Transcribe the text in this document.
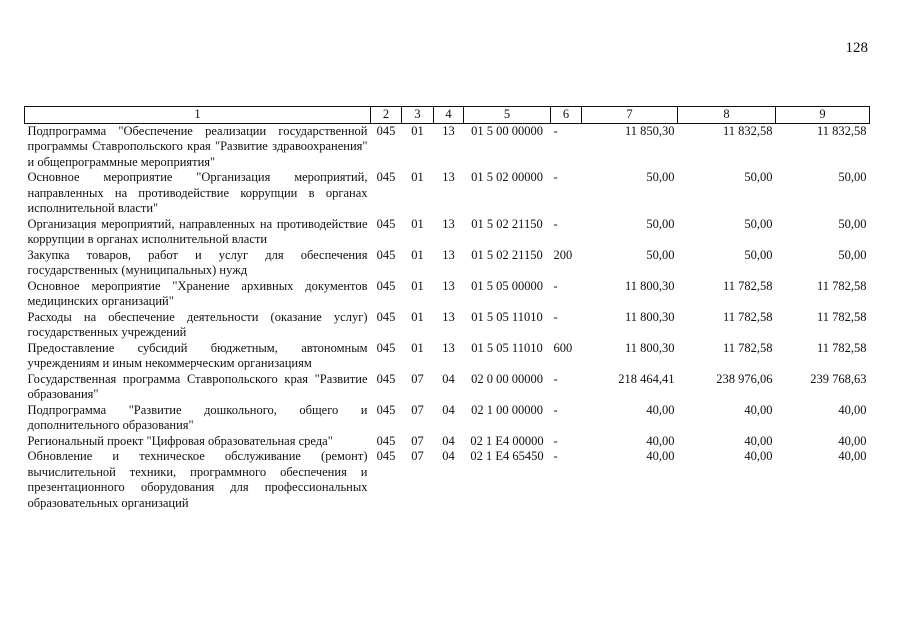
128
1	2	3	4	5	6	7	8	9
Подпрограмма "Обеспечение реализации государственной программы Ставропольского края "Развитие здравоохранения" и общепрограммные мероприятия"	045	01	13	01 5 00 00000	-	11 850,30	11 832,58	11 832,58
Основное мероприятие "Организация мероприятий, направленных на противодействие коррупции в органах исполнительной власти"	045	01	13	01 5 02 00000	-	50,00	50,00	50,00
Организация мероприятий, направленных на противодействие коррупции в органах исполнительной власти	045	01	13	01 5 02 21150	-	50,00	50,00	50,00
Закупка товаров, работ и услуг для обеспечения государственных (муниципальных) нужд	045	01	13	01 5 02 21150	200	50,00	50,00	50,00
Основное мероприятие "Хранение архивных документов медицинских организаций"	045	01	13	01 5 05 00000	-	11 800,30	11 782,58	11 782,58
Расходы на обеспечение деятельности (оказание услуг) государственных учреждений	045	01	13	01 5 05 11010	-	11 800,30	11 782,58	11 782,58
Предоставление субсидий бюджетным, автономным учреждениям и иным некоммерческим организациям	045	01	13	01 5 05 11010	600	11 800,30	11 782,58	11 782,58
Государственная программа Ставропольского края "Развитие образования"	045	07	04	02 0 00 00000	-	218 464,41	238 976,06	239 768,63
Подпрограмма "Развитие дошкольного, общего и дополнительного образования"	045	07	04	02 1 00 00000	-	40,00	40,00	40,00
Региональный проект "Цифровая образовательная среда"	045	07	04	02 1 E4 00000	-	40,00	40,00	40,00
Обновление и техническое обслуживание (ремонт) вычислительной техники, программного обеспечения и презентационного оборудования для профессиональных образовательных организаций	045	07	04	02 1 E4 65450	-	40,00	40,00	40,00
